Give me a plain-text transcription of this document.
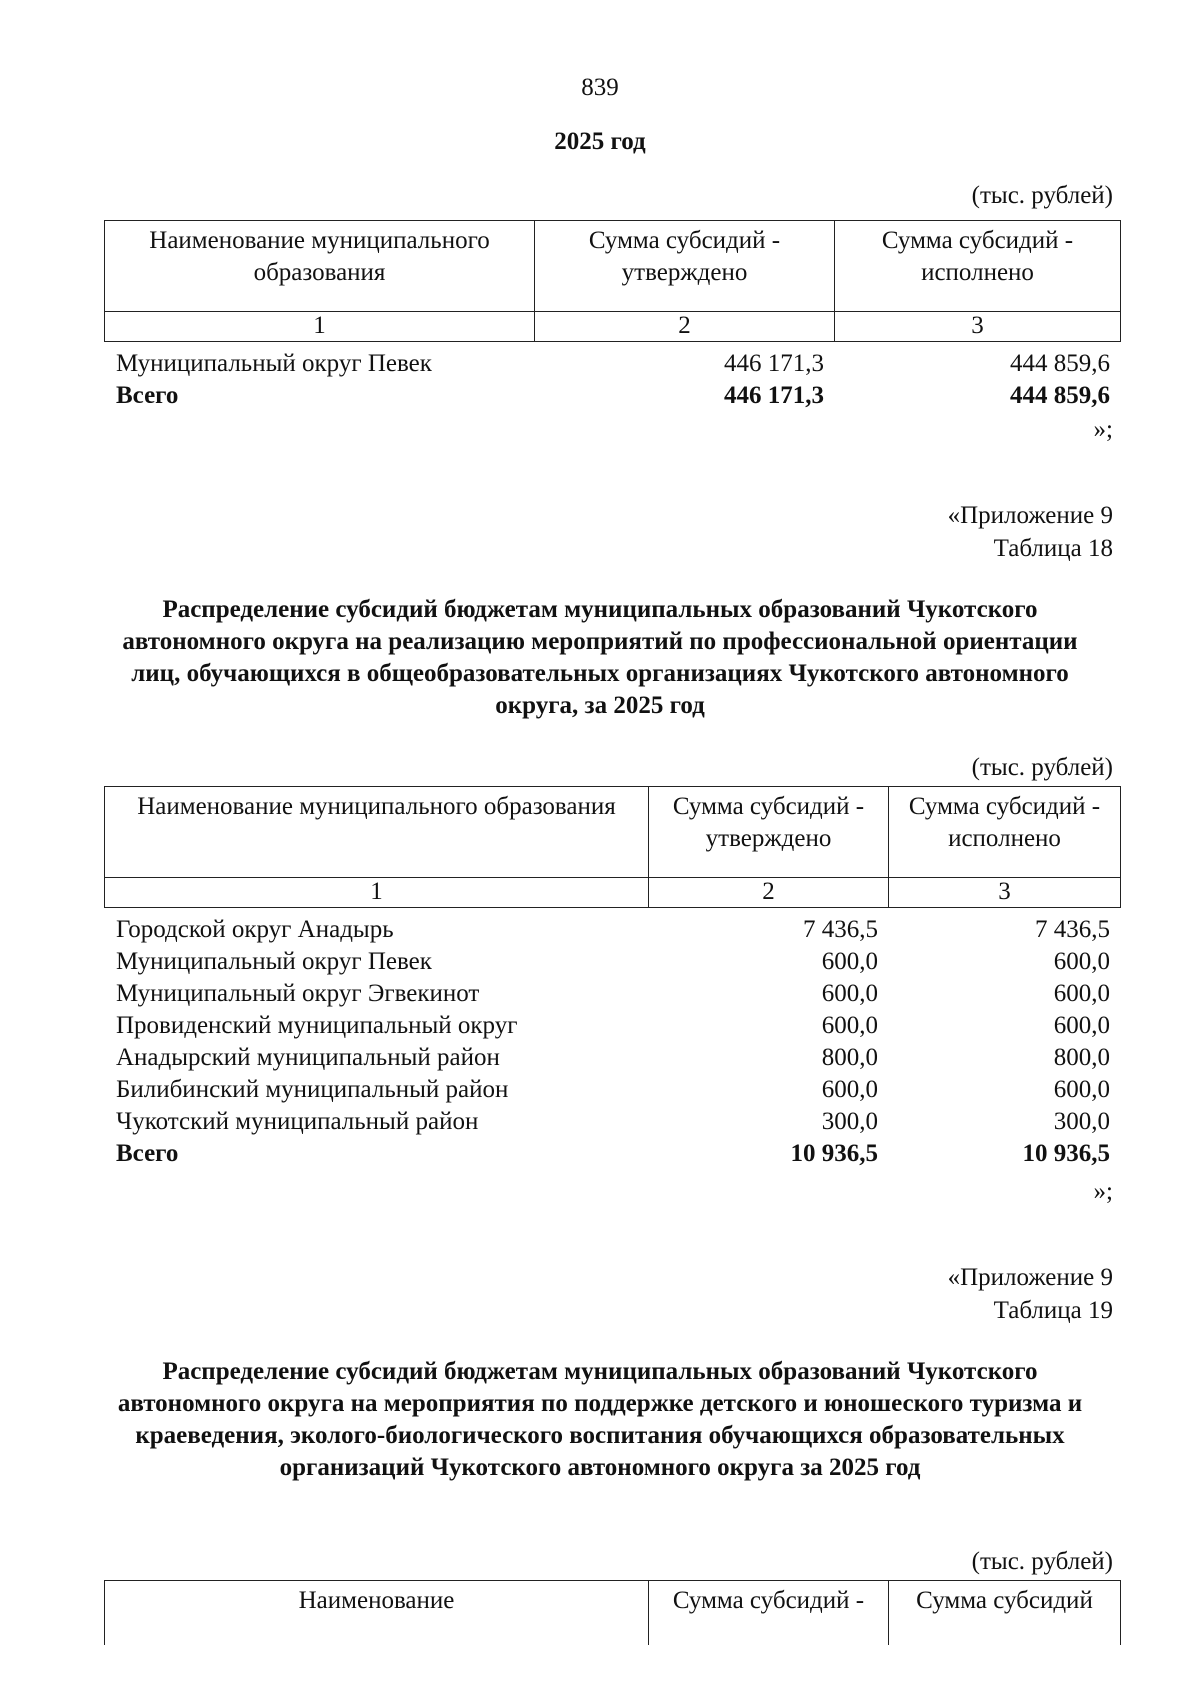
839
2025 год
(тыс. рублей)
Наименование муниципального образования	Сумма субсидий - утверждено	Сумма субсидий - исполнено
1	2	3
Муниципальный округ Певек	446 171,3	444 859,6
Всего	446 171,3	444 859,6
»;
«Приложение 9
Таблица 18
Распределение субсидий бюджетам муниципальных образований Чукотского автономного округа на реализацию мероприятий по профессиональной ориентации лиц, обучающихся в общеобразовательных организациях Чукотского автономного округа, за 2025 год
(тыс. рублей)
Наименование муниципального образования	Сумма субсидий - утверждено	Сумма субсидий - исполнено
1	2	3
Городской округ Анадырь	7 436,5	7 436,5
Муниципальный округ Певек	600,0	600,0
Муниципальный округ Эгвекинот	600,0	600,0
Провиденский муниципальный округ	600,0	600,0
Анадырский муниципальный район	800,0	800,0
Билибинский муниципальный район	600,0	600,0
Чукотский муниципальный район	300,0	300,0
Всего	10 936,5	10 936,5
»;
«Приложение 9
Таблица 19
Распределение субсидий бюджетам муниципальных образований Чукотского автономного округа на мероприятия по поддержке детского и юношеского туризма и краеведения, эколого-биологического воспитания обучающихся образовательных организаций Чукотского автономного округа за 2025 год
(тыс. рублей)
Наименование	Сумма субсидий -	Сумма субсидий
